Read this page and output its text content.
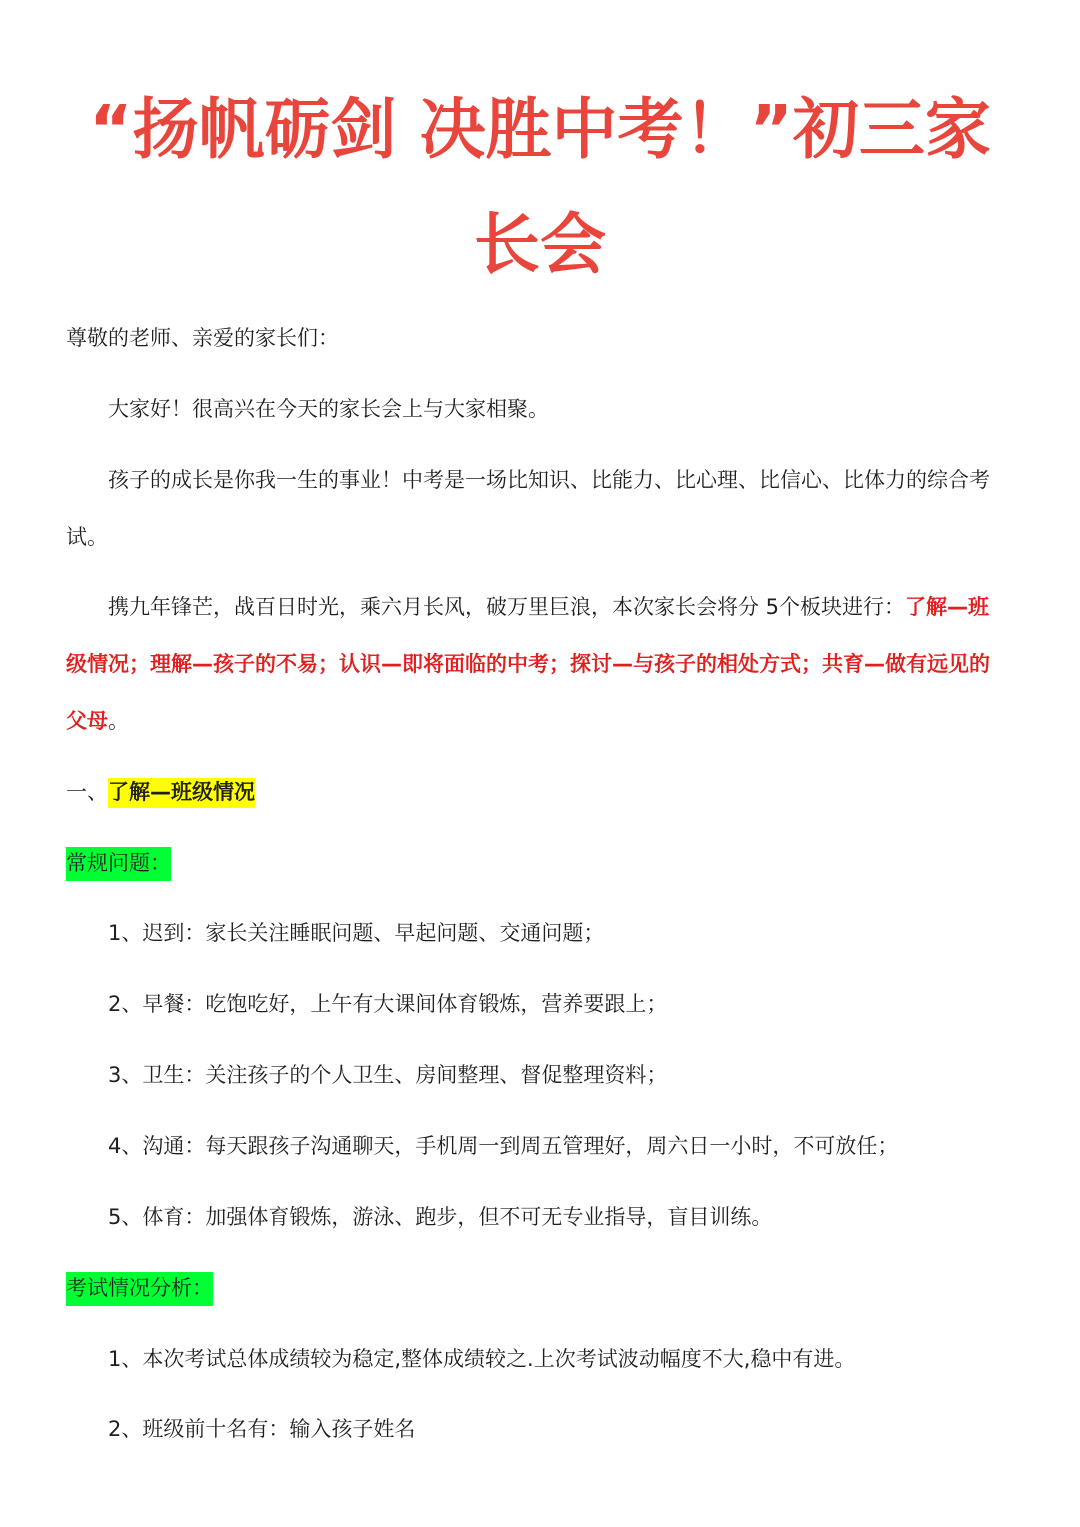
“扬帆砺剑 决胜中考！”初三家
长会
尊敬的老师、亲爱的家长们：
大家好！很高兴在今天的家长会上与大家相聚。
孩子的成长是你我一生的事业！中考是一场比知识、比能力、比心理、比信心、比体力的综合考
试。
携九年锋芒，战百日时光，乘六月长风，破万里巨浪，本次家长会将分 5个板块进行：了解—班
级情况；理解—孩子的不易；认识—即将面临的中考；探讨—与孩子的相处方式；共育—做有远见的
父母。
一、了解—班级情况
常规问题：
1、迟到：家长关注睡眠问题、早起问题、交通问题；
2、早餐：吃饱吃好，上午有大课间体育锻炼，营养要跟上；
3、卫生：关注孩子的个人卫生、房间整理、督促整理资料；
4、沟通：每天跟孩子沟通聊天，手机周一到周五管理好，周六日一小时，不可放任；
5、体育：加强体育锻炼，游泳、跑步，但不可无专业指导，盲目训练。
考试情况分析：
1、本次考试总体成绩较为稳定,整体成绩较之.上次考试波动幅度不大,稳中有进。
2、班级前十名有：输入孩子姓名
